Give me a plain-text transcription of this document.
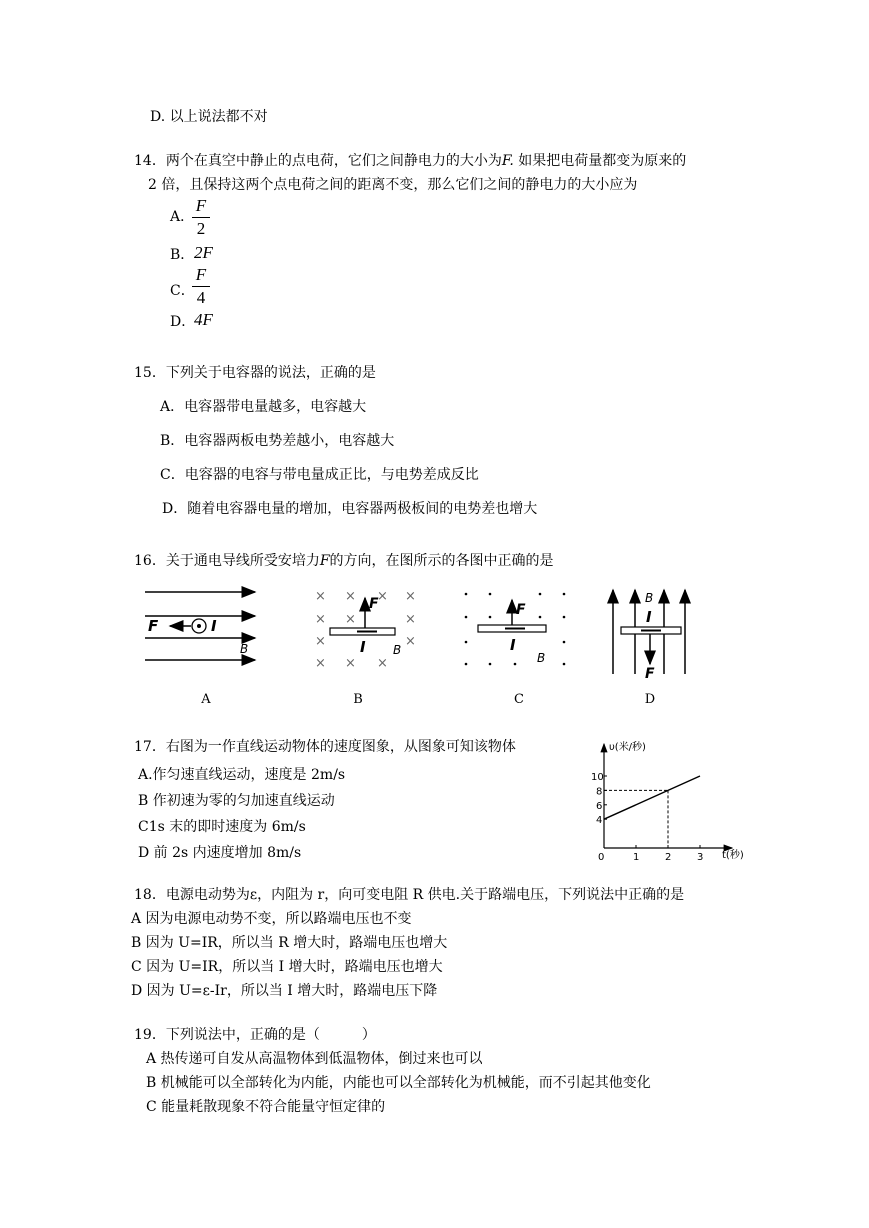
D. 以上说法都不对
14．两个在真空中静止的点电荷，它们之间静电力的大小为F. 如果把电荷量都变为原来的
2 倍，且保持这两个点电荷之间的距离不变，那么它们之间的静电力的大小应为
A．
F
2
B． 2F
C．
F
4
D．
4F
15．下列关于电容器的说法，正确的是
A．电容器带电量越多，电容越大
B．电容器两板电势差越小，电容越大
C．电容器的电容与带电量成正比，与电势差成反比
D．随着电容器电量的增加，电容器两极板间的电势差也增大
16．关于通电导线所受安培力F的方向，在图所示的各图中正确的是
F	I
B
× × × ×
× ×	×
×	×
× × ×
F
I B
F
I
B
B
I
F
A	B	C	D
17．右图为一作直线运动物体的速度图象，从图象可知该物体
A.作匀速直线运动，速度是 2m/s
B 作初速为零的匀加速直线运动
C1s 末的即时速度为 6m/s
D 前 2s 内速度增加 8m/s
υ(米/秒)
t(秒)
0	1	2	3
4
6
8
10
18．电源电动势为ε，内阻为 r，向可变电阻 R 供电.关于路端电压，下列说法中正确的是
A 因为电源电动势不变，所以路端电压也不变
B 因为 U=IR，所以当 R 增大时，路端电压也增大
C 因为 U=IR，所以当 I 增大时，路端电压也增大
D 因为 U=ε-Ir，所以当 I 增大时，路端电压下降
19．下列说法中，正确的是（　　　）
A 热传递可自发从高温物体到低温物体，倒过来也可以
B 机械能可以全部转化为内能，内能也可以全部转化为机械能，而不引起其他变化
C 能量耗散现象不符合能量守恒定律的
